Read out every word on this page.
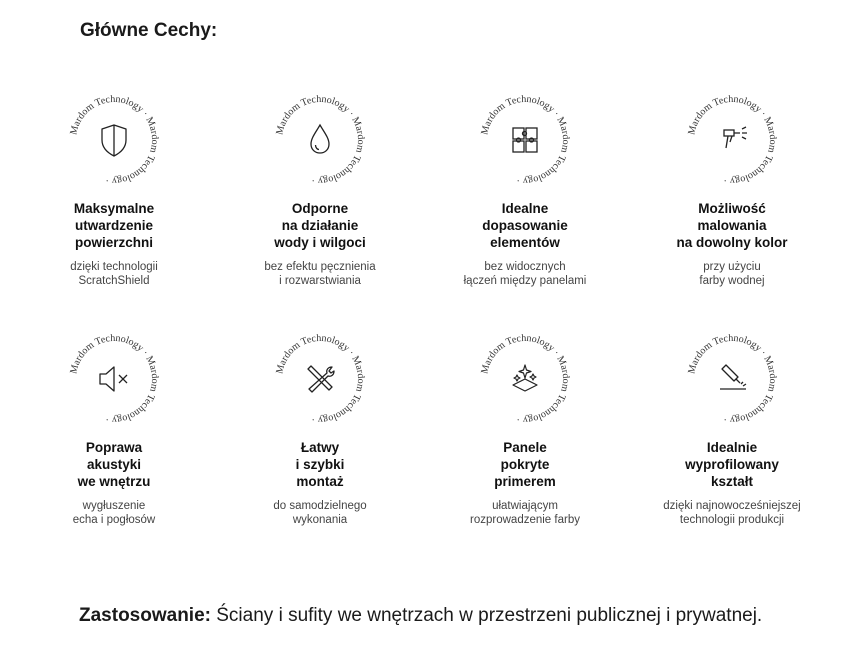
Główne Cechy:
Mardom Technology · Mardom Technology ·
Maksymalne
utwardzenie
powierzchni
dzięki technologii
ScratchShield
Mardom Technology · Mardom Technology ·
Odporne
na działanie
wody i wilgoci
bez efektu pęcznienia
i rozwarstwiania
Mardom Technology · Mardom Technology ·
Idealne
dopasowanie
elementów
bez widocznych
łączeń między panelami
Mardom Technology · Mardom Technology ·
Możliwość
malowania
na dowolny kolor
przy użyciu
farby wodnej
Mardom Technology · Mardom Technology ·
Poprawa
akustyki
we wnętrzu
wygłuszenie
echa i pogłosów
Mardom Technology · Mardom Technology ·
Łatwy
i szybki
montaż
do samodzielnego
wykonania
Mardom Technology · Mardom Technology ·
Panele
pokryte
primerem
ułatwiającym
rozprowadzenie farby
Mardom Technology · Mardom Technology ·
Idealnie
wyprofilowany
kształt
dzięki najnowocześniejszej
technologii produkcji
Zastosowanie: Ściany i sufity we wnętrzach w przestrzeni publicznej i prywatnej.
